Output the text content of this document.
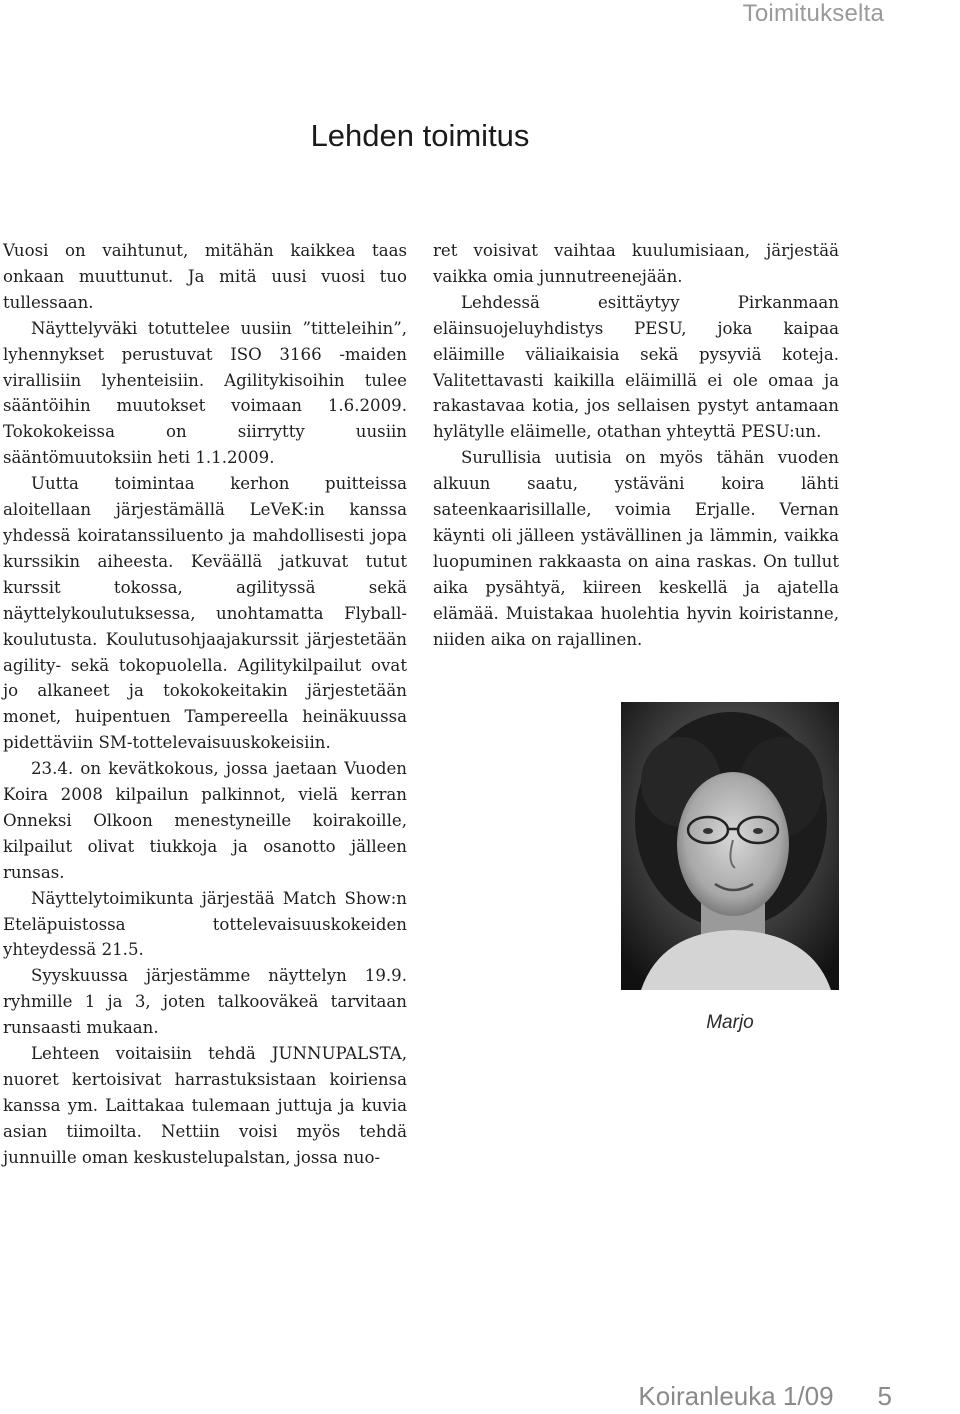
Toimitukselta
Lehden toimitus

Vuosi on vaihtunut, mitähän kaikkea taas onkaan muuttunut. Ja mitä uusi vuosi tuo tullessaan.

Näyttelyväki totuttelee uusiin ”titteleihin”, lyhennykset perustuvat ISO 3166 -maiden virallisiin lyhenteisiin. Agilitykisoihin tulee sääntöihin muutokset voimaan 1.6.2009. Tokokokeissa on siirrytty uusiin sääntömuutoksiin heti 1.1.2009.

Uutta toimintaa kerhon puitteissa aloitellaan järjestämällä LeVeK:in kanssa yhdessä koiratanssiluento ja mahdollisesti jopa kurssikin aiheesta. Keväällä jatkuvat tutut kurssit tokossa, agilityssä sekä näyttelykoulutuksessa, unohtamatta Flyball-koulutusta. Koulutusohjaajakurssit järjestetään agility- sekä tokopuolella. Agilitykilpailut ovat jo alkaneet ja tokokokeitakin järjestetään monet, huipentuen Tampereella heinäkuussa pidettäviin SM-tottelevaisuuskokeisiin.

23.4. on kevätkokous, jossa jaetaan Vuoden Koira 2008 kilpailun palkinnot, vielä kerran Onneksi Olkoon menestyneille koirakoille, kilpailut olivat tiukkoja ja osanotto jälleen runsas.

Näyttelytoimikunta järjestää Match Show:n Eteläpuistossa tottelevaisuuskokeiden yhteydessä 21.5.

Syyskuussa järjestämme näyttelyn 19.9. ryhmille 1 ja 3, joten talkooväkeä tarvitaan runsaasti mukaan.

Lehteen voitaisiin tehdä JUNNUPALSTA, nuoret kertoisivat harrastuksistaan koiriensa kanssa ym. Laittakaa tulemaan juttuja ja kuvia asian tiimoilta. Nettiin voisi myös tehdä junnuille oman keskustelupalstan, jossa nuo-

ret voisivat vaihtaa kuulumisiaan, järjestää vaikka omia junnutreenejään.

Lehdessä esittäytyy Pirkanmaan eläinsuojeluyhdistys PESU, joka kaipaa eläimille väliaikaisia sekä pysyviä koteja. Valitettavasti kaikilla eläimillä ei ole omaa ja rakastavaa kotia, jos sellaisen pystyt antamaan hylätylle eläimelle, otathan yhteyttä PESU:un.

Surullisia uutisia on myös tähän vuoden alkuun saatu, ystäväni koira lähti sateenkaarisillalle, voimia Erjalle. Vernan käynti oli jälleen ystävällinen ja lämmin, vaikka luopuminen rakkaasta on aina raskas. On tullut aika pysähtyä, kiireen keskellä ja ajatella elämää. Muistakaa huolehtia hyvin koiristanne, niiden aika on rajallinen.

Marjo
Koiranleuka 1/09 5
